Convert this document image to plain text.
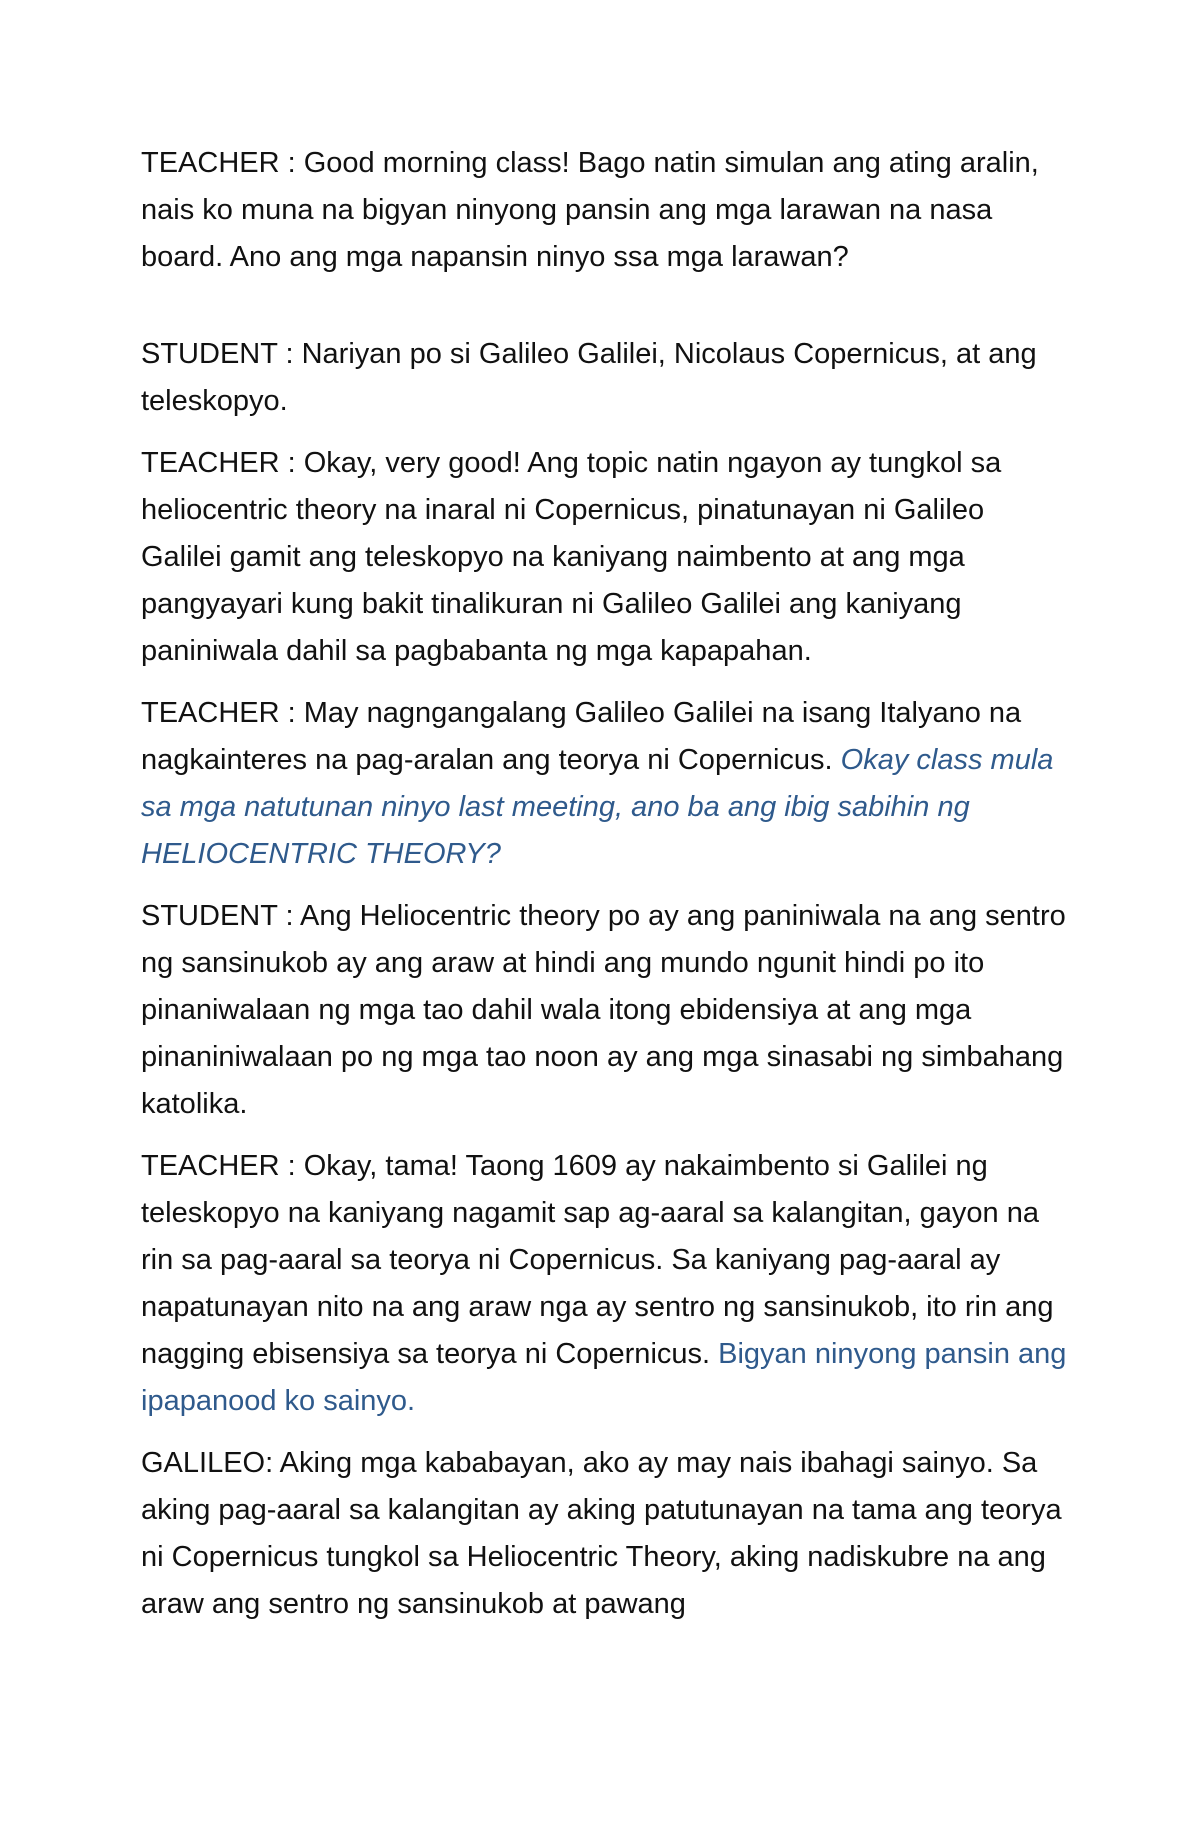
TEACHER : Good morning class! Bago natin simulan ang ating aralin, nais ko muna na bigyan ninyong pansin ang mga larawan na nasa board. Ano ang mga napansin ninyo ssa mga larawan?

STUDENT : Nariyan po si Galileo Galilei, Nicolaus Copernicus, at ang teleskopyo.

TEACHER : Okay, very good! Ang topic natin ngayon ay tungkol sa heliocentric theory na inaral ni Copernicus, pinatunayan ni Galileo Galilei gamit ang teleskopyo na kaniyang naimbento at ang mga pangyayari kung bakit tinalikuran ni Galileo Galilei ang kaniyang paniniwala dahil sa pagbabanta ng mga kapapahan.

TEACHER : May nagngangalang Galileo Galilei na isang Italyano na nagkainteres na pag-aralan ang teorya ni Copernicus. Okay class mula sa mga natutunan ninyo last meeting, ano ba ang ibig sabihin ng HELIOCENTRIC THEORY?

STUDENT : Ang Heliocentric theory po ay ang paniniwala na ang sentro ng sansinukob ay ang araw at hindi ang mundo ngunit hindi po ito pinaniwalaan ng mga tao dahil wala itong ebidensiya at ang mga pinaniniwalaan po ng mga tao noon ay ang mga sinasabi ng simbahang katolika.

TEACHER : Okay, tama! Taong 1609 ay nakaimbento si Galilei ng teleskopyo na kaniyang nagamit sap ag-aaral sa kalangitan, gayon na rin sa pag-aaral sa teorya ni Copernicus. Sa kaniyang pag-aaral ay napatunayan nito na ang araw nga ay sentro ng sansinukob, ito rin ang nagging ebisensiya sa teorya ni Copernicus. Bigyan ninyong pansin ang ipapanood ko sainyo.

GALILEO: Aking mga kababayan, ako ay may nais ibahagi sainyo. Sa aking pag-aaral sa kalangitan ay aking patutunayan na tama ang teorya ni Copernicus tungkol sa Heliocentric Theory, aking nadiskubre na ang araw ang sentro ng sansinukob at pawang
